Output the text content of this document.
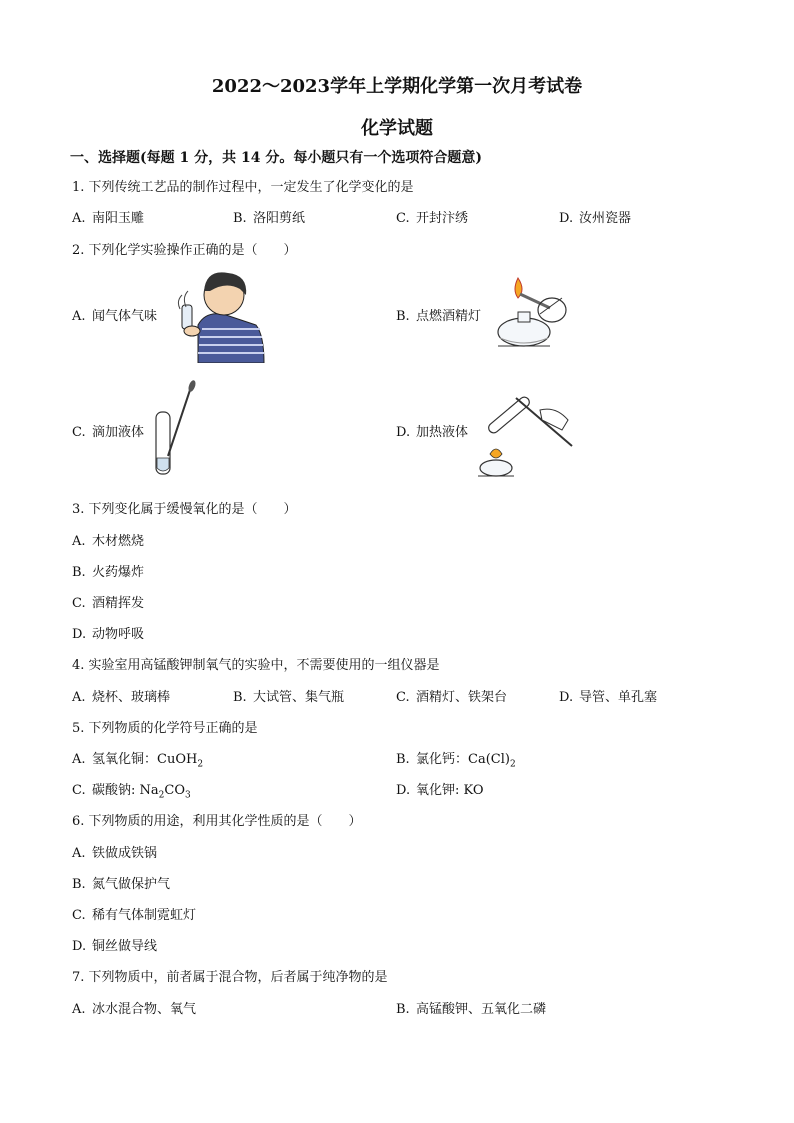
2022～2023学年上学期化学第一次月考试卷
化学试题
一、选择题(每题 1 分，共 14 分。每小题只有一个选项符合题意)
1. 下列传统工艺品的制作过程中，一定发生了化学变化的是
A. 南阳玉雕	B. 洛阳剪纸	C. 开封汴绣	D. 汝州瓷器
2. 下列化学实验操作正确的是（　　）
A. 闻气体气味	B. 点燃酒精灯
C. 滴加液体	D. 加热液体
3. 下列变化属于缓慢氧化的是（　　）
A. 木材燃烧
B. 火药爆炸
C. 酒精挥发
D. 动物呼吸
4. 实验室用高锰酸钾制氧气的实验中，不需要使用的一组仪器是
A. 烧杯、玻璃棒	B. 大试管、集气瓶	C. 酒精灯、铁架台	D. 导管、单孔塞
5. 下列物质的化学符号正确的是
A. 氢氧化铜：CuOH$_2$	B. 氯化钙：$Ca(Cl)_2$
C. 碳酸钠: $Na_2CO_3$	D. 氧化钾: KO
6. 下列物质的用途，利用其化学性质的是（　　）
A. 铁做成铁锅
B. 氮气做保护气
C. 稀有气体制霓虹灯
D. 铜丝做导线
7. 下列物质中，前者属于混合物，后者属于纯净物的是
A. 冰水混合物、氧气	B. 高锰酸钾、五氧化二磷
